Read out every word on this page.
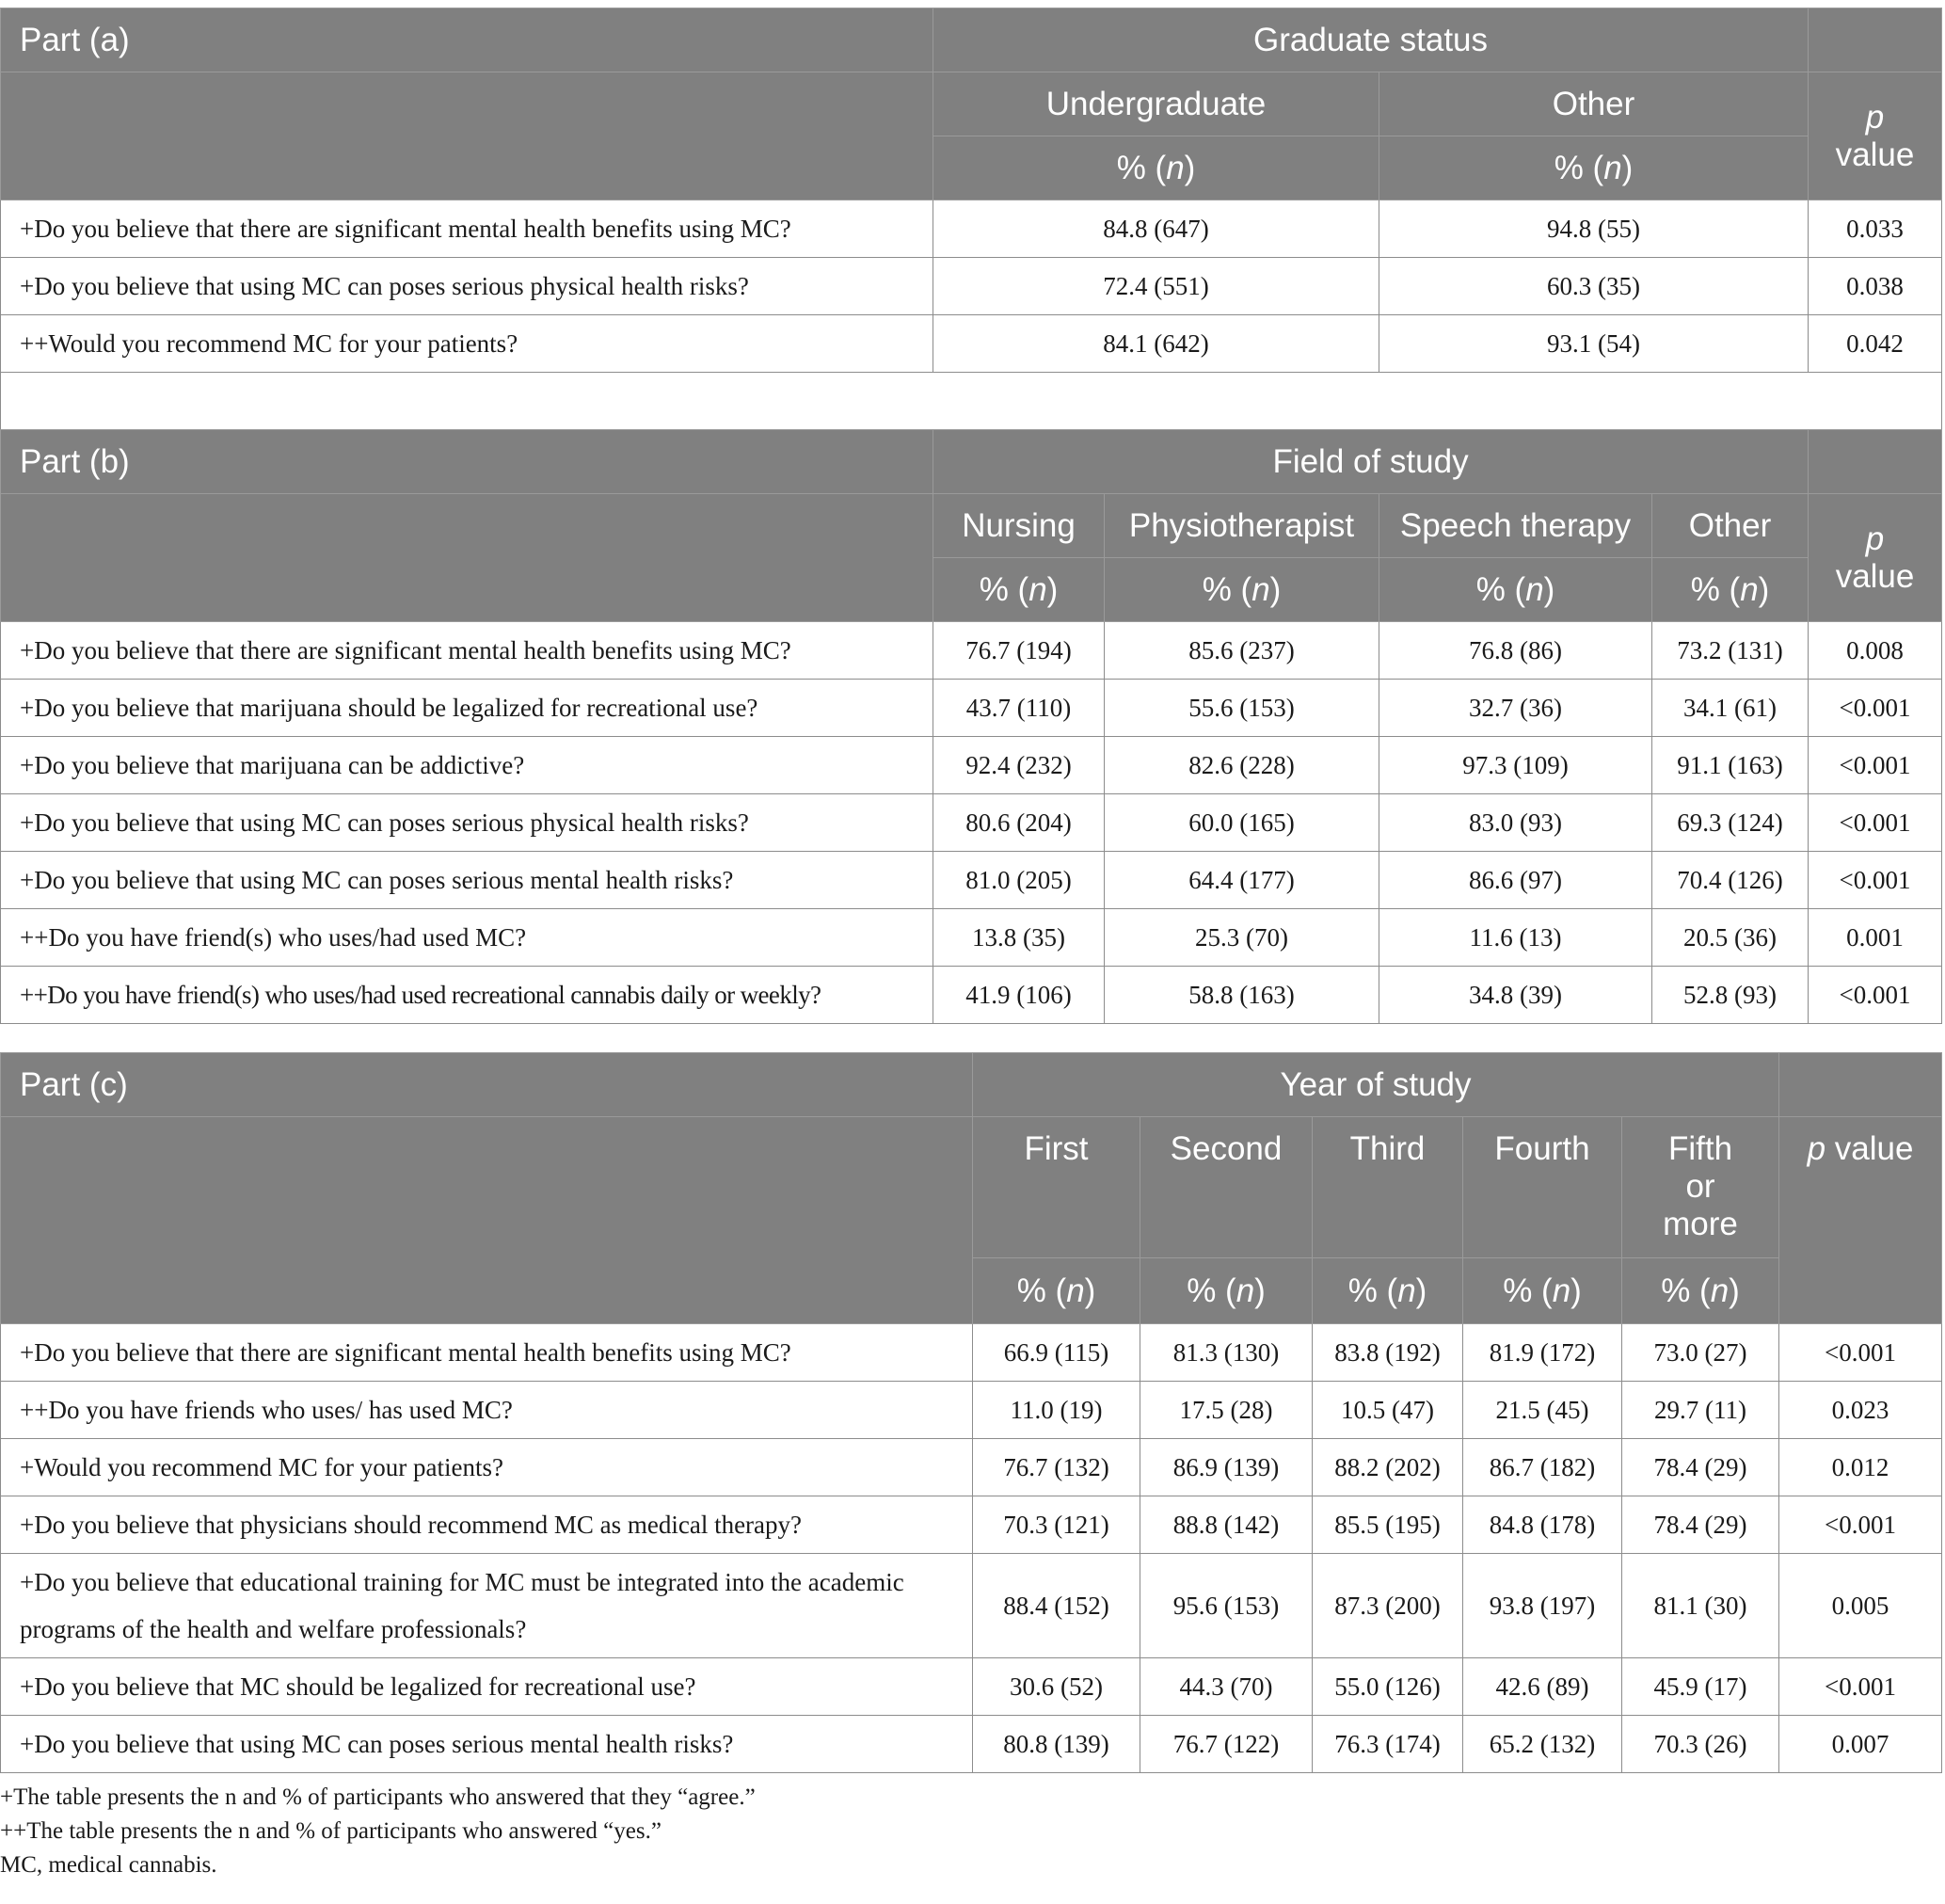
Part (a)	Graduate status		
	Undergraduate	Other	p
value
	% (n)	% (n)	
+Do you believe that there are significant mental health benefits using MC?	84.8 (647)	94.8 (55)	0.033
+Do you believe that using MC can poses serious physical health risks?	72.4 (551)	60.3 (35)	0.038
++Would you recommend MC for your patients?	84.1 (642)	93.1 (54)	0.042

Part (b)	Field of study				
	Nursing	Physiotherapist	Speech therapy	Other	p
value
	% (n)	% (n)	% (n)	% (n)	
+Do you believe that there are significant mental health benefits using MC?	76.7 (194)	85.6 (237)	76.8 (86)	73.2 (131)	0.008
+Do you believe that marijuana should be legalized for recreational use?	43.7 (110)	55.6 (153)	32.7 (36)	34.1 (61)	<0.001
+Do you believe that marijuana can be addictive?	92.4 (232)	82.6 (228)	97.3 (109)	91.1 (163)	<0.001
+Do you believe that using MC can poses serious physical health risks?	80.6 (204)	60.0 (165)	83.0 (93)	69.3 (124)	<0.001
+Do you believe that using MC can poses serious mental health risks?	81.0 (205)	64.4 (177)	86.6 (97)	70.4 (126)	<0.001
++Do you have friend(s) who uses/had used MC?	13.8 (35)	25.3 (70)	11.6 (13)	20.5 (36)	0.001
++Do you have friend(s) who uses/had used recreational cannabis daily or weekly?	41.9 (106)	58.8 (163)	34.8 (39)	52.8 (93)	<0.001
Part (c)	Year of study					
	First	Second	Third	Fourth	Fifth or more	p value
	% (n)	% (n)	% (n)	% (n)	% (n)	
+Do you believe that there are significant mental health benefits using MC?	66.9 (115)	81.3 (130)	83.8 (192)	81.9 (172)	73.0 (27)	<0.001
++Do you have friends who uses/ has used MC?	11.0 (19)	17.5 (28)	10.5 (47)	21.5 (45)	29.7 (11)	0.023
+Would you recommend MC for your patients?	76.7 (132)	86.9 (139)	88.2 (202)	86.7 (182)	78.4 (29)	0.012
+Do you believe that physicians should recommend MC as medical therapy?	70.3 (121)	88.8 (142)	85.5 (195)	84.8 (178)	78.4 (29)	<0.001
+Do you believe that educational training for MC must be integrated into the academic programs of the health and welfare professionals?	88.4 (152)	95.6 (153)	87.3 (200)	93.8 (197)	81.1 (30)	0.005
+Do you believe that MC should be legalized for recreational use?	30.6 (52)	44.3 (70)	55.0 (126)	42.6 (89)	45.9 (17)	<0.001
+Do you believe that using MC can poses serious mental health risks?	80.8 (139)	76.7 (122)	76.3 (174)	65.2 (132)	70.3 (26)	0.007
+The table presents the n and % of participants who answered that they “agree.”
++The table presents the n and % of participants who answered “yes.”
MC, medical cannabis.
